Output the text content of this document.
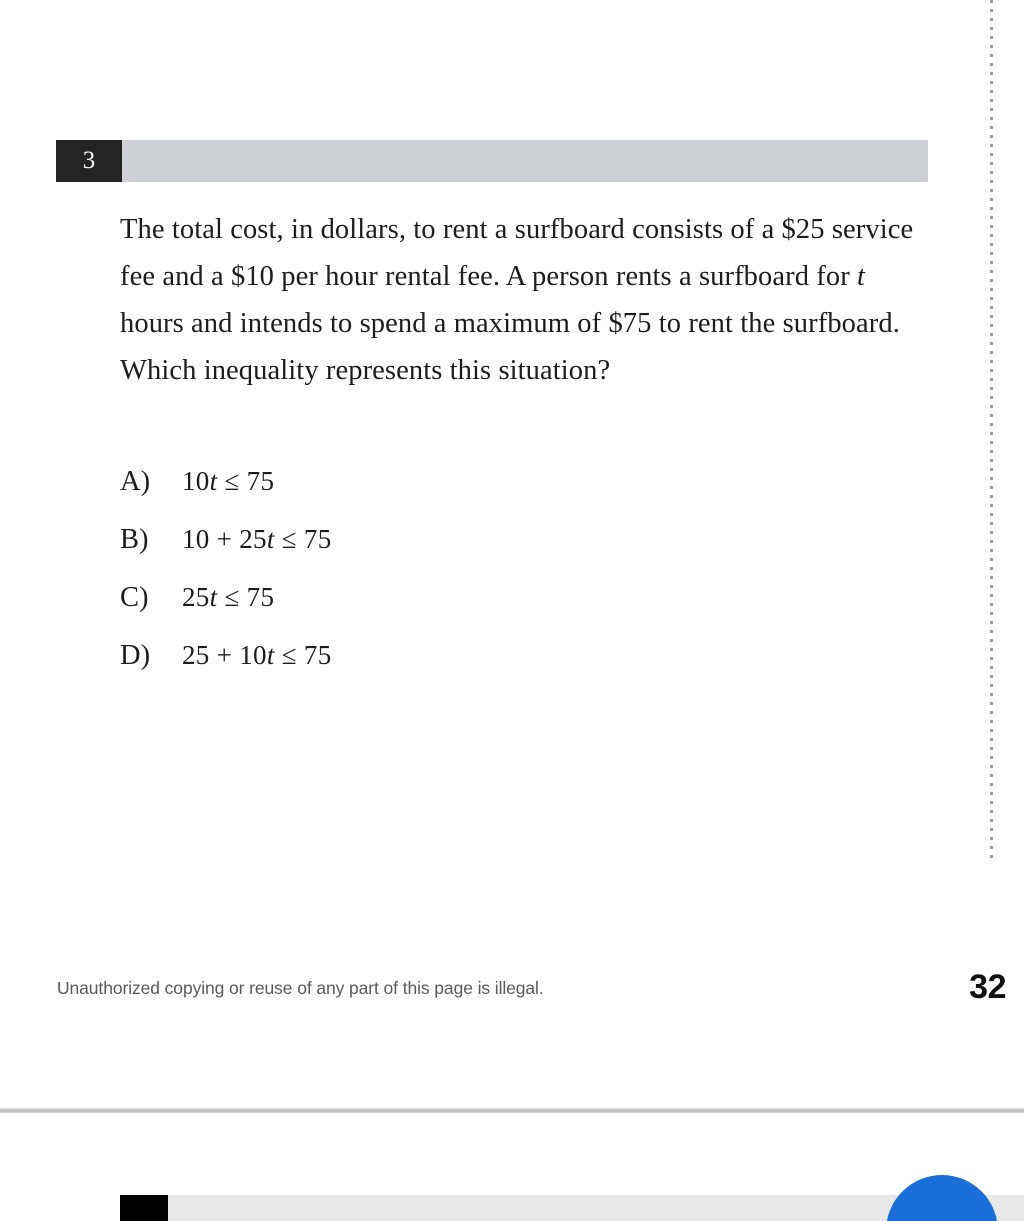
3
The total cost, in dollars, to rent a surfboard consists of a $25 service fee and a $10 per hour rental fee. A person rents a surfboard for t hours and intends to spend a maximum of $75 to rent the surfboard. Which inequality represents this situation?
A)	10t ≤ 75
B)	10 + 25t ≤ 75
C)	25t ≤ 75
D)	25 + 10t ≤ 75
Unauthorized copying or reuse of any part of this page is illegal.	32
